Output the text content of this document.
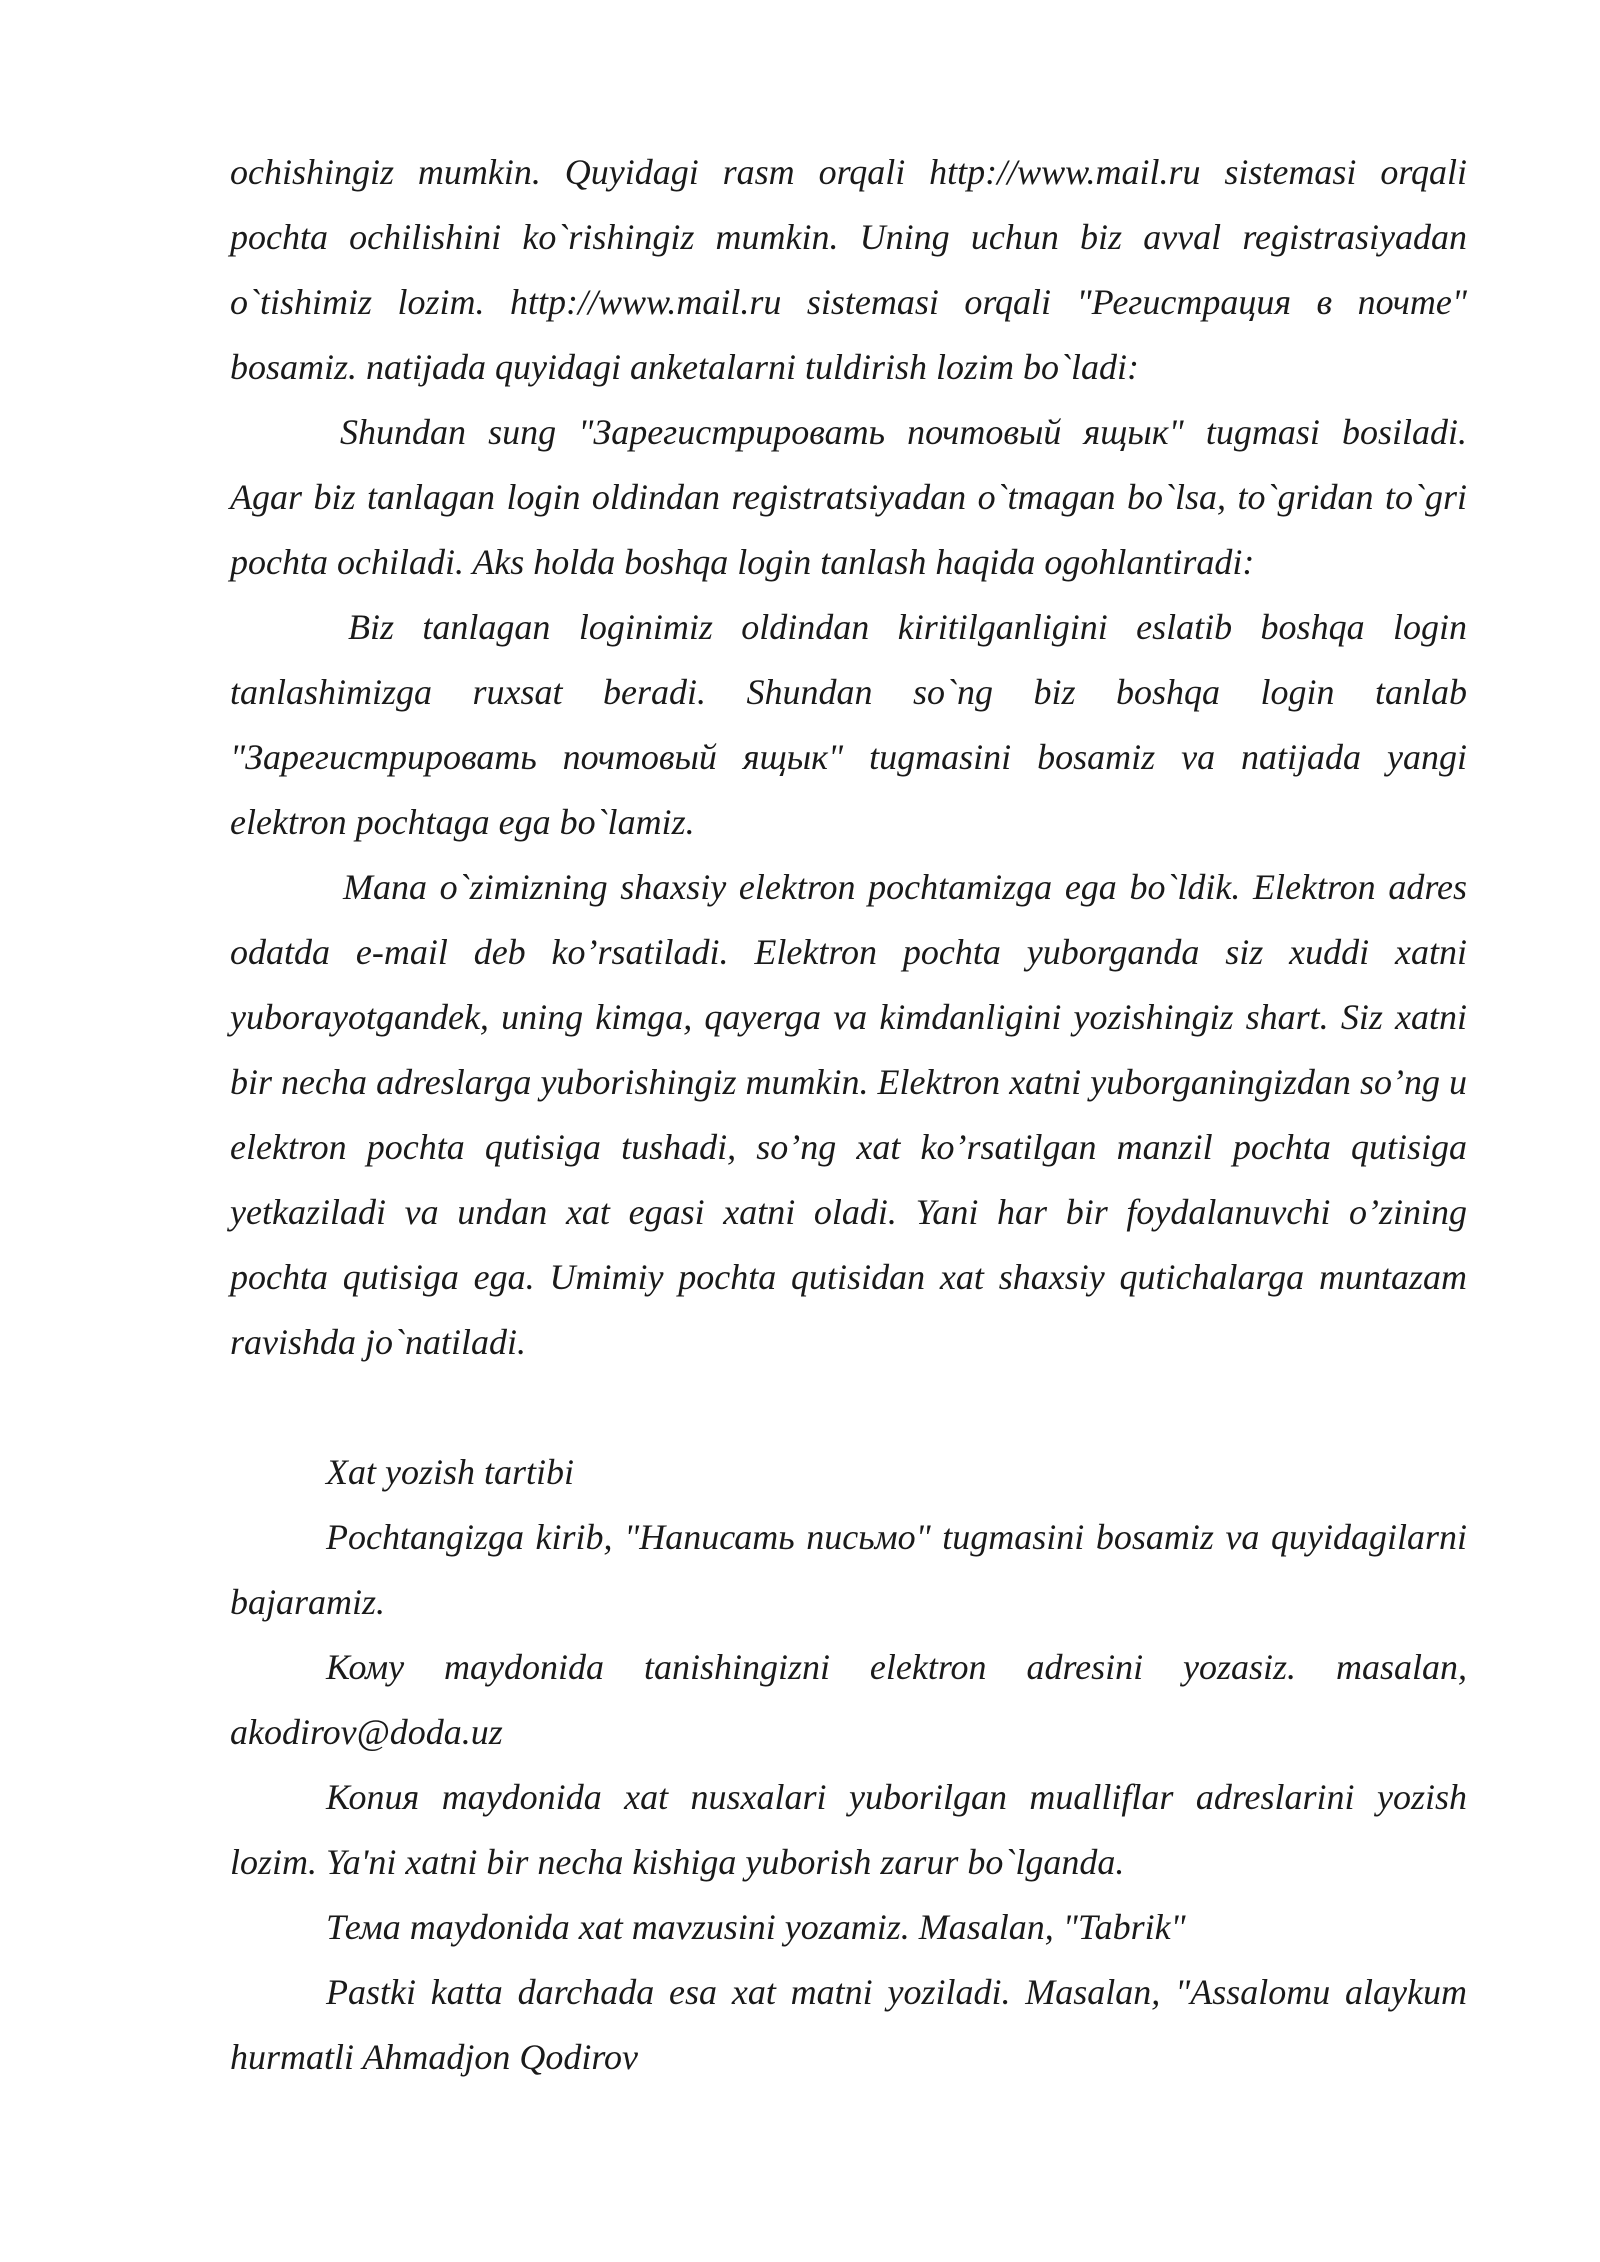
ochishingiz mumkin. Quyidagi rasm orqali http://www.mail.ru sistemasi orqali pochta ochilishini ko`rishingiz mumkin. Uning uchun biz avval registrasiyadan o`tishimiz lozim. http://www.mail.ru sistemasi orqali "Регистрация в почте" bosamiz. natijada quyidagi anketalarni tuldirish lozim bo`ladi:

Shundan sung "Зарегистрировать почтовый ящык" tugmasi bosiladi. Agar biz tanlagan login oldindan registratsiyadan o`tmagan bo`lsa, to`gridan to`gri pochta ochiladi. Aks holda boshqa login tanlash haqida ogohlantiradi:

Biz tanlagan loginimiz oldindan kiritilganligini eslatib boshqa login tanlashimizga ruxsat beradi. Shundan so`ng biz boshqa login tanlab "Зарегистрировать почтовый ящык" tugmasini bosamiz va natijada yangi elektron pochtaga ega bo`lamiz.

Mana o`zimizning shaxsiy elektron pochtamizga ega bo`ldik. Elektron adres odatda e-mail deb ko’rsatiladi. Elektron pochta yuborganda siz xuddi xatni yuborayotgandek, uning kimga, qayerga va kimdanligini yozishingiz shart. Siz xatni bir necha adreslarga yuborishingiz mumkin. Elektron xatni yuborganingizdan so’ng u elektron pochta qutisiga tushadi, so’ng xat ko’rsatilgan manzil pochta qutisiga yetkaziladi va undan xat egasi xatni oladi. Yani har bir foydalanuvchi o’zining pochta qutisiga ega. Umimiy pochta qutisidan xat shaxsiy qutichalarga muntazam ravishda jo`natiladi.

Xat yozish tartibi

Pochtangizga kirib, "Написать письмо" tugmasini bosamiz va quyidagilarni bajaramiz.

Кому maydonida tanishingizni elektron adresini yozasiz. masalan, akodirov@doda.uz

Копия maydonida xat nusxalari yuborilgan mualliflar adreslarini yozish lozim. Ya'ni xatni bir necha kishiga yuborish zarur bo`lganda.

Тема maydonida xat mavzusini yozamiz. Masalan, "Tabrik"

Pastki katta darchada esa xat matni yoziladi. Masalan, "Assalomu alaykum hurmatli Ahmadjon Qodirov
